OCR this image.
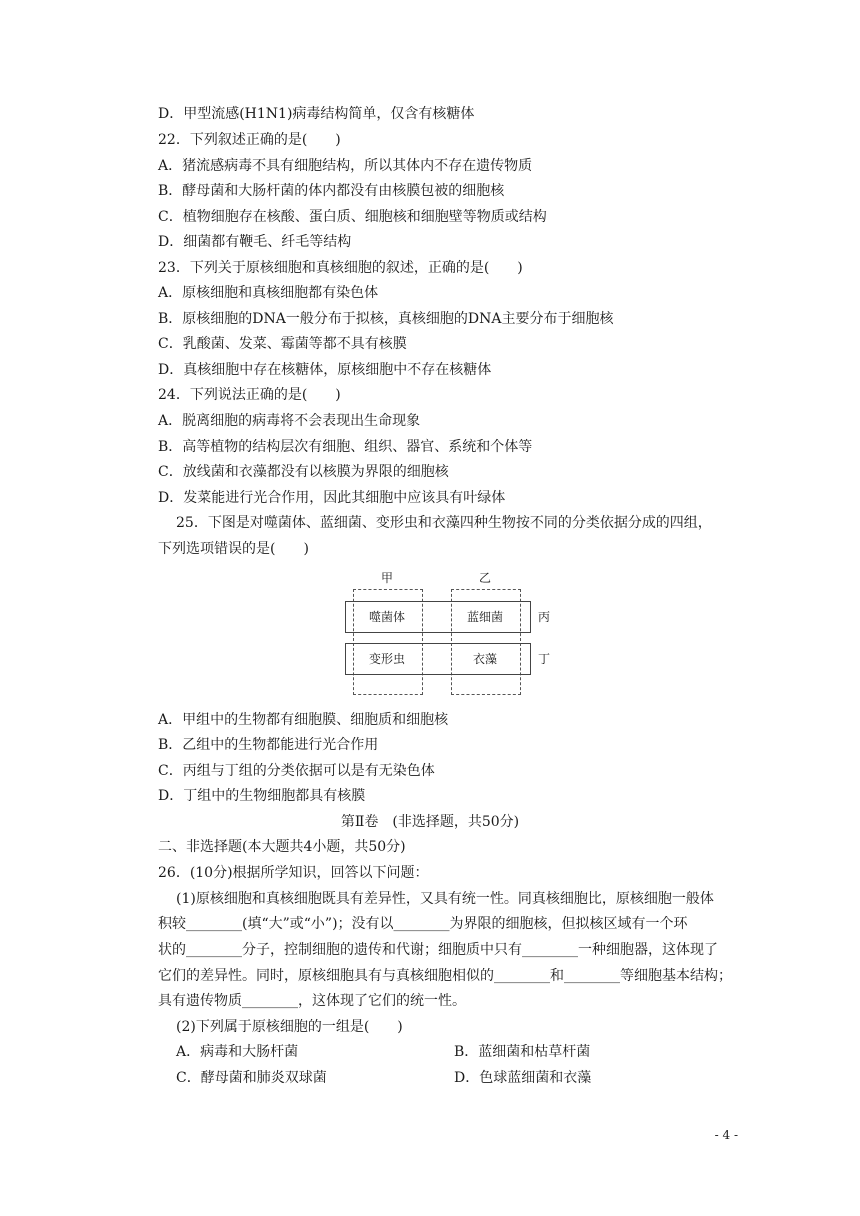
D．甲型流感(H1N1)病毒结构简单，仅含有核糖体
22．下列叙述正确的是(　　)
A．猪流感病毒不具有细胞结构，所以其体内不存在遗传物质
B．酵母菌和大肠杆菌的体内都没有由核膜包被的细胞核
C．植物细胞存在核酸、蛋白质、细胞核和细胞壁等物质或结构
D．细菌都有鞭毛、纤毛等结构
23．下列关于原核细胞和真核细胞的叙述，正确的是(　　)
A．原核细胞和真核细胞都有染色体
B．原核细胞的DNA一般分布于拟核，真核细胞的DNA主要分布于细胞核
C．乳酸菌、发菜、霉菌等都不具有核膜
D．真核细胞中存在核糖体，原核细胞中不存在核糖体
24．下列说法正确的是(　　)
A．脱离细胞的病毒将不会表现出生命现象
B．高等植物的结构层次有细胞、组织、器官、系统和个体等
C．放线菌和衣藻都没有以核膜为界限的细胞核
D．发菜能进行光合作用，因此其细胞中应该具有叶绿体
25．下图是对噬菌体、蓝细菌、变形虫和衣藻四种生物按不同的分类依据分成的四组，
下列选项错误的是(　　)
甲	乙
丙
丁
噬菌体	蓝细菌
变形虫	衣藻
A．甲组中的生物都有细胞膜、细胞质和细胞核
B．乙组中的生物都能进行光合作用
C．丙组与丁组的分类依据可以是有无染色体
D．丁组中的生物细胞都具有核膜
第Ⅱ卷　(非选择题，共50分)
二、非选择题(本大题共4小题，共50分)
26．(10分)根据所学知识，回答以下问题：
(1)原核细胞和真核细胞既具有差异性，又具有统一性。同真核细胞比，原核细胞一般体
积较________(填“大”或“小”)；没有以________为界限的细胞核，但拟核区域有一个环
状的________分子，控制细胞的遗传和代谢；细胞质中只有________一种细胞器，这体现了
它们的差异性。同时，原核细胞具有与真核细胞相似的________和________等细胞基本结构；
具有遗传物质________，这体现了它们的统一性。
(2)下列属于原核细胞的一组是(　　)
A．病毒和大肠杆菌	B．蓝细菌和枯草杆菌
C．酵母菌和肺炎双球菌	D．色球蓝细菌和衣藻
- 4 -
